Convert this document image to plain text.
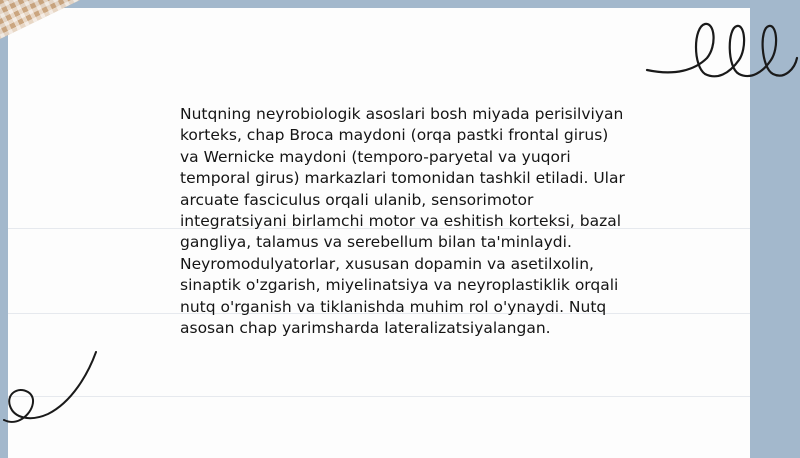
Nutqning neyrobiologik asoslari bosh miyada perisilviyan korteks, chap Broca maydoni (orqa pastki frontal girus) va Wernicke maydoni (temporo-paryetal va yuqori temporal girus) markazlari tomonidan tashkil etiladi. Ular arcuate fasciculus orqali ulanib, sensorimotor integratsiyani birlamchi motor va eshitish korteksi, bazal gangliya, talamus va serebellum bilan ta'minlaydi. Neyromodulyatorlar, xususan dopamin va asetilxolin, sinaptik o'zgarish, miyelinatsiya va neyroplastiklik orqali nutq o'rganish va tiklanishda muhim rol o'ynaydi. Nutq asosan chap yarimsharda lateralizatsiyalangan.
